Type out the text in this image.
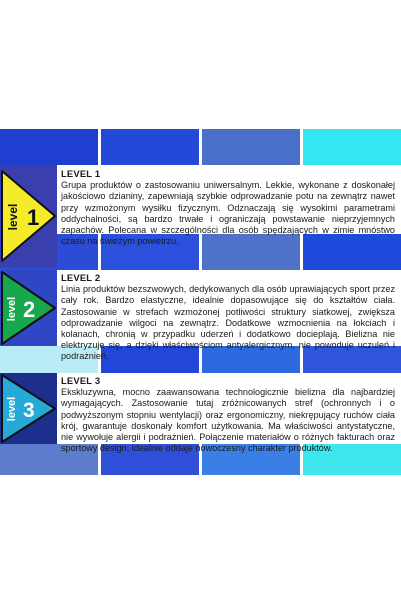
level 1
LEVEL 1

Grupa produktów o zastosowaniu uniwersalnym. Lekkie, wykonane z doskonałej jakościowo dzianiny, zapewniają szybkie odprowadzanie potu na zewnątrz nawet przy wzmożonym wysiłku fizycznym. Odznaczają się wysokimi parametrami oddychalności, są bardzo trwałe i ograniczają powstawanie nieprzyjemnych zapachów. Polecana w szczególności dla osób spędzających w zimie mnóstwo czasu na świeżym powietrzu.

level 2
LEVEL 2

Linia produktów bezszwowych, dedykowanych dla osób uprawiających sport przez cały rok. Bardzo elastyczne, idealnie dopasowujące się do kształtów ciała. Zastosowanie w strefach wzmożonej potliwości struktury siatkowej, zwiększa odprowadzanie wilgoci na zewnątrz. Dodatkowe wzmocnienia na łokciach i kolanach, chronią w przypadku uderzeń i dodatkowo docieplają. Bielizna nie elektryzuje się, a dzięki właściwościom antyalergicznym, nie powoduje uczuleń i podrażnień.

level 3
LEVEL 3

Ekskluzywna, mocno zaawansowana technologicznie bielizna dla najbardziej wymagających. Zastosowanie tutaj zróżnicowanych stref (ochronnych i o podwyższonym stopniu wentylacji) oraz ergonomiczny, niekrępujący ruchów ciała krój, gwarantuje doskonały komfort użytkowania. Ma właściwości antystatyczne, nie wywołuje alergii i podrażnień. Połączenie materiałów o różnych fakturach oraz sportowy design, idealnie oddaje nowoczesny charakter produktów.
